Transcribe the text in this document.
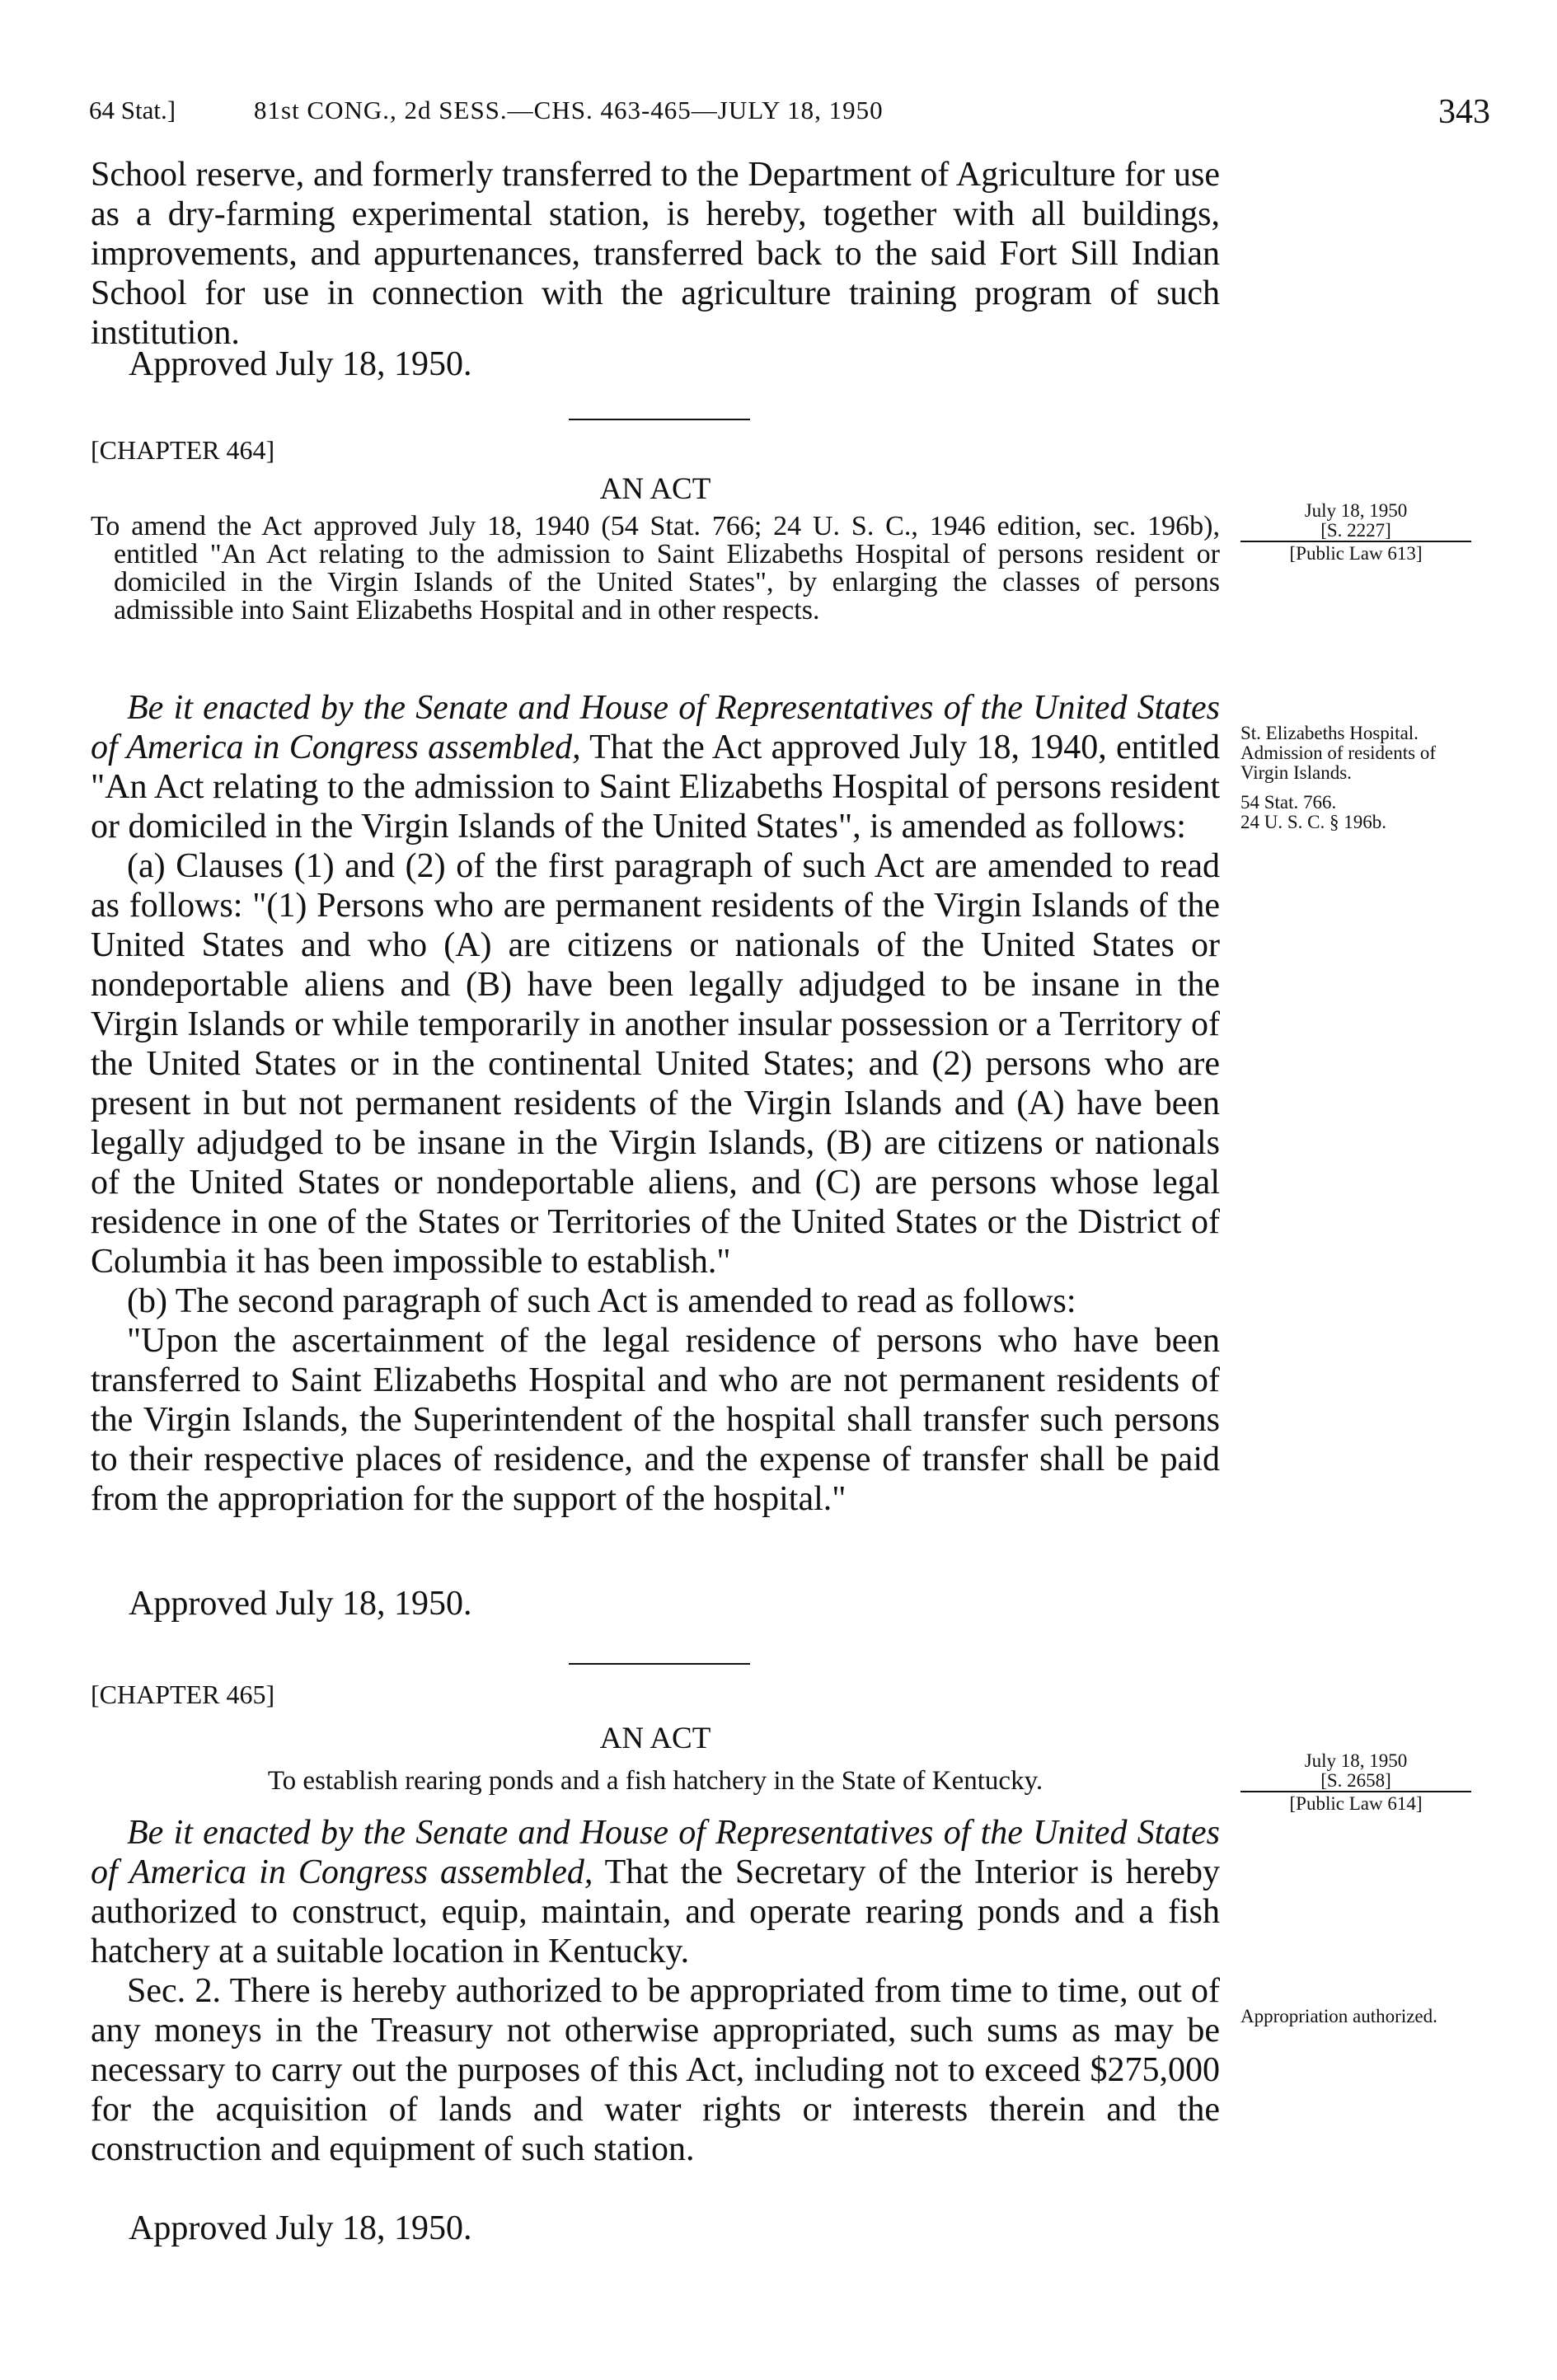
64 Stat.]	81st CONG., 2d SESS.—CHS. 463-465—JULY 18, 1950	343

School reserve, and formerly transferred to the Department of Agriculture for use as a dry-farming experimental station, is hereby, together with all buildings, improvements, and appurtenances, transferred back to the said Fort Sill Indian School for use in connection with the agriculture training program of such institution.

Approved July 18, 1950.
[CHAPTER 464]
AN ACT

To amend the Act approved July 18, 1940 (54 Stat. 766; 24 U. S. C., 1946 edition, sec. 196b), entitled "An Act relating to the admission to Saint Elizabeths Hospital of persons resident or domiciled in the Virgin Islands of the United States", by enlarging the classes of persons admissible into Saint Elizabeths Hospital and in other respects.

July 18, 1950

[S. 2227]

[Public Law 613]

Be it enacted by the Senate and House of Representatives of the United States of America in Congress assembled, That the Act approved July 18, 1940, entitled "An Act relating to the admission to Saint Elizabeths Hospital of persons resident or domiciled in the Virgin Islands of the United States", is amended as follows:

(a) Clauses (1) and (2) of the first paragraph of such Act are amended to read as follows: "(1) Persons who are permanent residents of the Virgin Islands of the United States and who (A) are citizens or nationals of the United States or nondeportable aliens and (B) have been legally adjudged to be insane in the Virgin Islands or while temporarily in another insular possession or a Territory of the United States or in the continental United States; and (2) persons who are present in but not permanent residents of the Virgin Islands and (A) have been legally adjudged to be insane in the Virgin Islands, (B) are citizens or nationals of the United States or nondeportable aliens, and (C) are persons whose legal residence in one of the States or Territories of the United States or the District of Columbia it has been impossible to establish."

(b) The second paragraph of such Act is amended to read as follows:

"Upon the ascertainment of the legal residence of persons who have been transferred to Saint Elizabeths Hospital and who are not permanent residents of the Virgin Islands, the Superintendent of the hospital shall transfer such persons to their respective places of residence, and the expense of transfer shall be paid from the appropriation for the support of the hospital."

Approved July 18, 1950.

St. Elizabeths Hospital.

Admission of residents of Virgin Islands.

54 Stat. 766.

24 U. S. C. § 196b.

[CHAPTER 465]
AN ACT
To establish rearing ponds and a fish hatchery in the State of Kentucky.

July 18, 1950

[S. 2658]

[Public Law 614]

Be it enacted by the Senate and House of Representatives of the United States of America in Congress assembled, That the Secretary of the Interior is hereby authorized to construct, equip, maintain, and operate rearing ponds and a fish hatchery at a suitable location in Kentucky.

Sec. 2. There is hereby authorized to be appropriated from time to time, out of any moneys in the Treasury not otherwise appropriated, such sums as may be necessary to carry out the purposes of this Act, including not to exceed $275,000 for the acquisition of lands and water rights or interests therein and the construction and equipment of such station.

Approved July 18, 1950.

Appropriation authorized.
